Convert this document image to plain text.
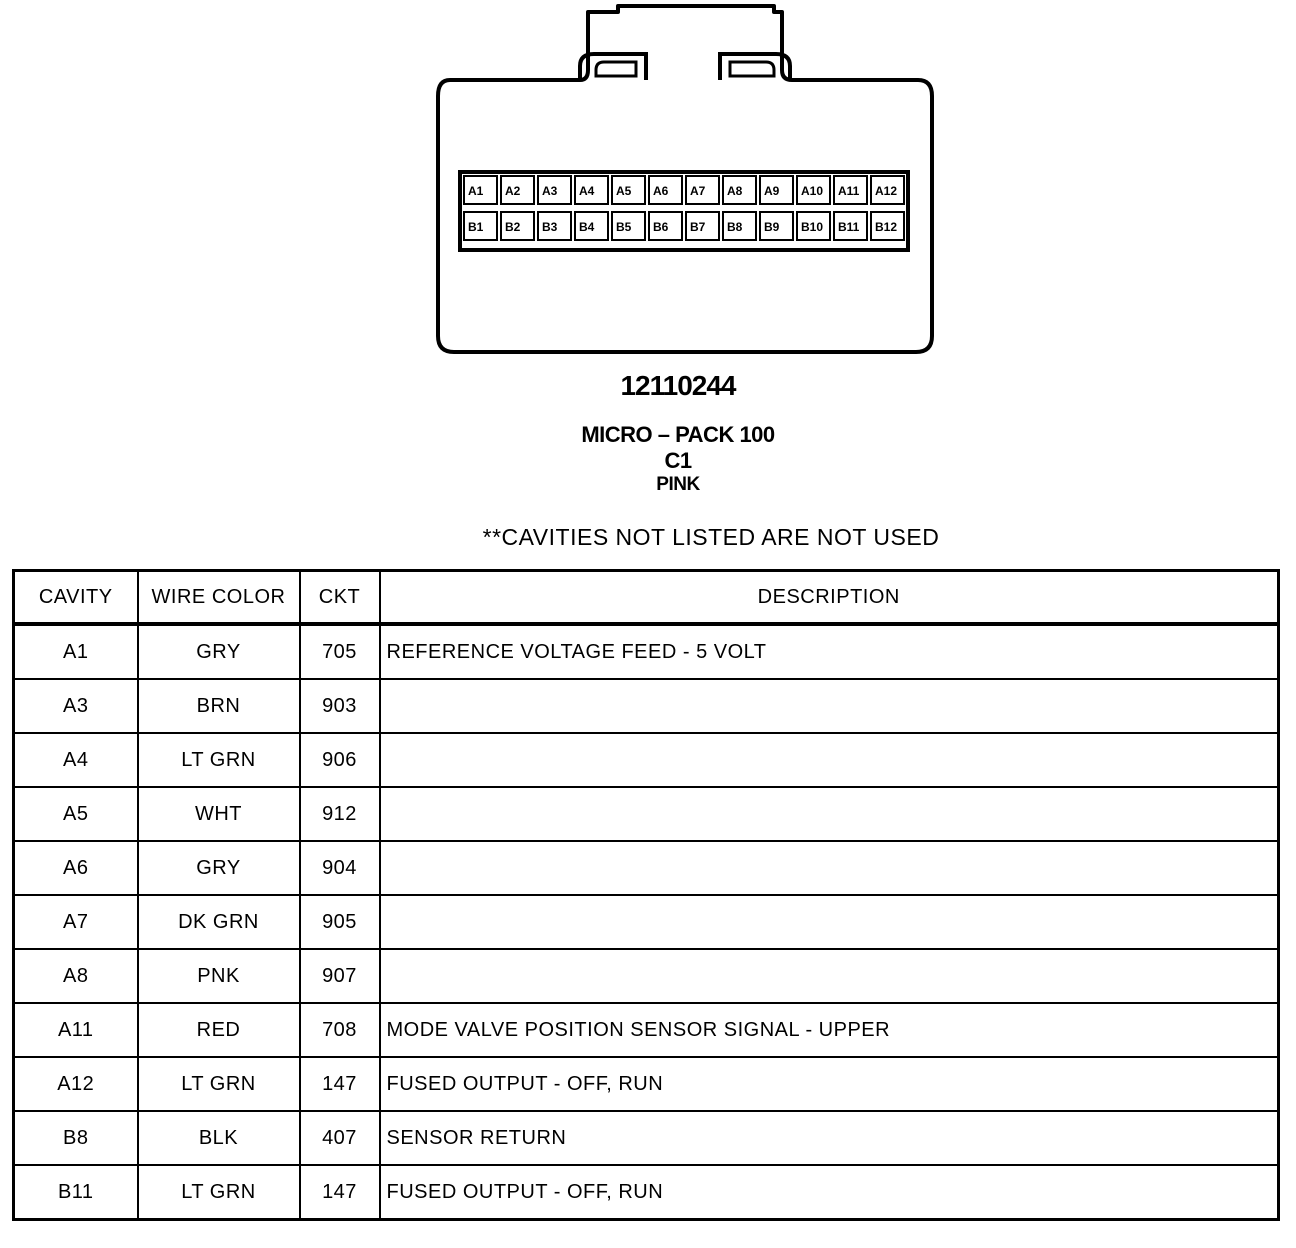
A1 A2 A3 A4 A5 A6 A7 A8 A9 A10 A11 A12
B1 B2 B3 B4 B5 B6 B7 B8 B9 B10 B11 B12
12110244
MICRO – PACK 100
C1
PINK
**CAVITIES NOT LISTED ARE NOT USED
CAVITY	WIRE COLOR	CKT	DESCRIPTION
A1	GRY	705	REFERENCE VOLTAGE FEED - 5 VOLT
A3	BRN	903	
A4	LT GRN	906	
A5	WHT	912	
A6	GRY	904	
A7	DK GRN	905	
A8	PNK	907	
A11	RED	708	MODE VALVE POSITION SENSOR SIGNAL - UPPER
A12	LT GRN	147	FUSED OUTPUT - OFF, RUN
B8	BLK	407	SENSOR RETURN
B11	LT GRN	147	FUSED OUTPUT - OFF, RUN
